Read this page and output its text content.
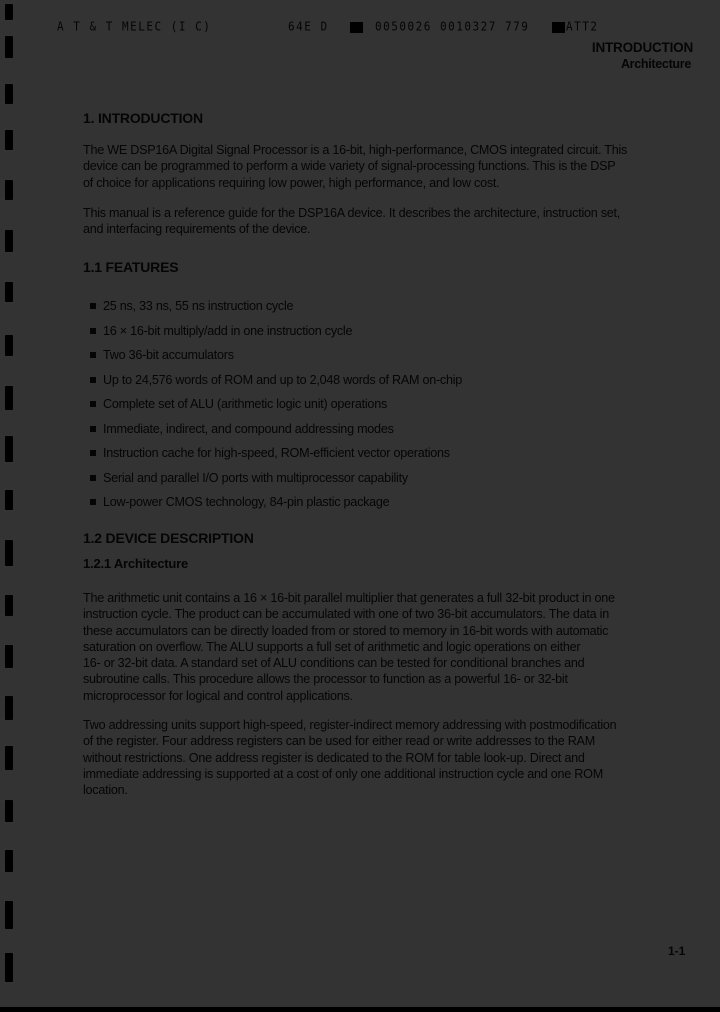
A T & T MELEC (I C)	64E D	0050026 0010327 779	ATT2
INTRODUCTION
Architecture
1. INTRODUCTION
The WE DSP16A Digital Signal Processor is a 16-bit, high-performance, CMOS integrated circuit. This
device can be programmed to perform a wide variety of signal-processing functions. This is the DSP
of choice for applications requiring low power, high performance, and low cost.
This manual is a reference guide for the DSP16A device. It describes the architecture, instruction set,
and interfacing requirements of the device.
1.1 FEATURES
25 ns, 33 ns, 55 ns instruction cycle
16 × 16-bit multiply/add in one instruction cycle
Two 36-bit accumulators
Up to 24,576 words of ROM and up to 2,048 words of RAM on-chip
Complete set of ALU (arithmetic logic unit) operations
Immediate, indirect, and compound addressing modes
Instruction cache for high-speed, ROM-efficient vector operations
Serial and parallel I/O ports with multiprocessor capability
Low-power CMOS technology, 84-pin plastic package
1.2 DEVICE DESCRIPTION
1.2.1 Architecture
The arithmetic unit contains a 16 × 16-bit parallel multiplier that generates a full 32-bit product in one
instruction cycle. The product can be accumulated with one of two 36-bit accumulators. The data in
these accumulators can be directly loaded from or stored to memory in 16-bit words with automatic
saturation on overflow. The ALU supports a full set of arithmetic and logic operations on either
16- or 32-bit data. A standard set of ALU conditions can be tested for conditional branches and
subroutine calls. This procedure allows the processor to function as a powerful 16- or 32-bit
microprocessor for logical and control applications.
Two addressing units support high-speed, register-indirect memory addressing with postmodification
of the register. Four address registers can be used for either read or write addresses to the RAM
without restrictions. One address register is dedicated to the ROM for table look-up. Direct and
immediate addressing is supported at a cost of only one additional instruction cycle and one ROM
location.
1-1
